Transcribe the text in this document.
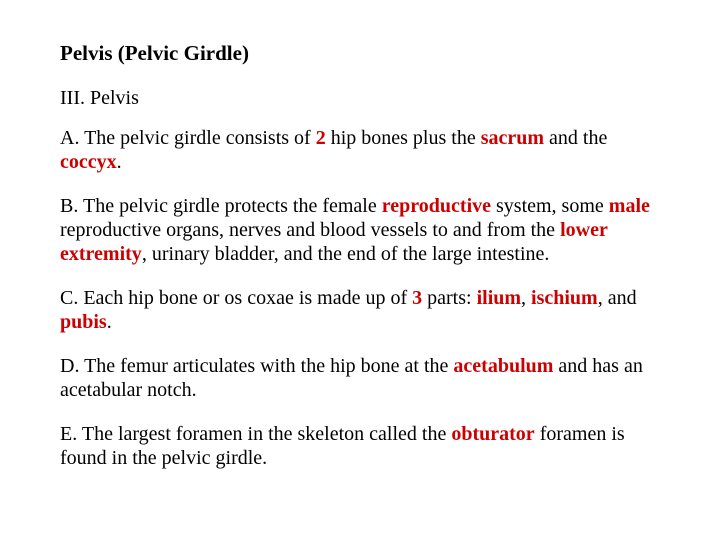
Pelvis (Pelvic Girdle)
III. Pelvis
A. The pelvic girdle consists of 2 hip bones plus the sacrum and the coccyx.
B. The pelvic girdle protects the female reproductive system, some male reproductive organs, nerves and blood vessels to and from the lower extremity, urinary bladder, and the end of the large intestine.
C. Each hip bone or os coxae is made up of 3 parts: ilium, ischium, and pubis.
D. The femur articulates with the hip bone at the acetabulum and has an acetabular notch.
E. The largest foramen in the skeleton called the obturator foramen is found in the pelvic girdle.
